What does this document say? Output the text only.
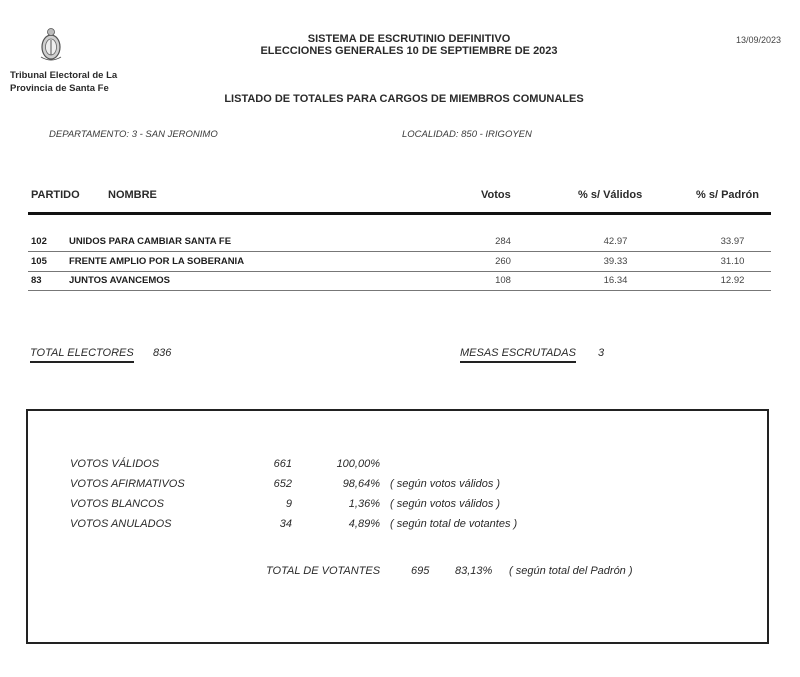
Tribunal Electoral de La
Provincia de Santa Fe
SISTEMA DE ESCRUTINIO DEFINITIVO
ELECCIONES GENERALES 10 DE SEPTIEMBRE DE 2023
13/09/2023
LISTADO DE TOTALES PARA CARGOS DE MIEMBROS COMUNALES
DEPARTAMENTO: 3 - SAN JERONIMO	LOCALIDAD: 850 - IRIGOYEN
PARTIDO	NOMBRE	Votos	% s/ Válidos	% s/ Padrón
102 UNIDOS PARA CAMBIAR SANTA FE	284	42.97	33.97
105 FRENTE AMPLIO POR LA SOBERANIA	260	39.33	31.10
83	JUNTOS AVANCEMOS	108	16.34	12.92
TOTAL ELECTORES 836	MESAS ESCRUTADAS 3
VOTOS VÁLIDOS	661	100,00%
VOTOS AFIRMATIVOS	652	98,64% ( según votos válidos )
VOTOS BLANCOS	9	1,36% ( según votos válidos )
VOTOS ANULADOS	34	4,89% ( según total de votantes )
TOTAL DE VOTANTES	695 83,13% ( según total del Padrón )
